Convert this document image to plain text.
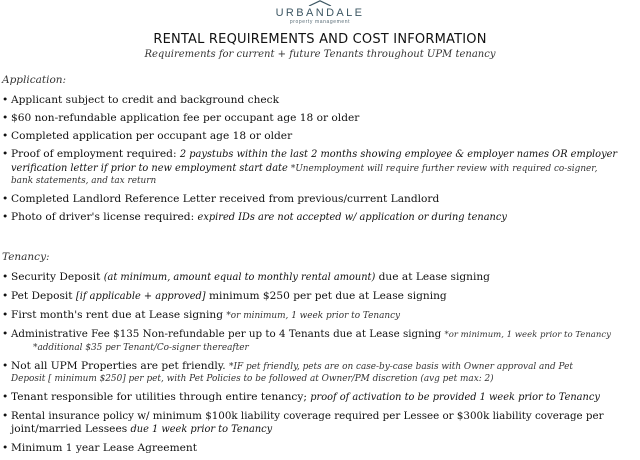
URBANDALE
property management
RENTAL REQUIREMENTS AND COST INFORMATION
Requirements for current + future Tenants throughout UPM tenancy
Application:
• Applicant subject to credit and background check
• $60 non-refundable application fee per occupant age 18 or older
• Completed application per occupant age 18 or older
• Proof of employment required: 2 paystubs within the last 2 months showing employee & employer names OR employer
verification letter if prior to new employment start date *Unemployment will require further review with required co-signer,
bank statements, and tax return
• Completed Landlord Reference Letter received from previous/current Landlord
• Photo of driver's license required: expired IDs are not accepted w/ application or during tenancy
Tenancy:
• Security Deposit (at minimum, amount equal to monthly rental amount) due at Lease signing
• Pet Deposit [if applicable + approved] minimum $250 per pet due at Lease signing
• First month's rent due at Lease signing *or minimum, 1 week prior to Tenancy
• Administrative Fee $135 Non-refundable per up to 4 Tenants due at Lease signing *or minimum, 1 week prior to Tenancy
*additional $35 per Tenant/Co-signer thereafter
• Not all UPM Properties are pet friendly. *IF pet friendly, pets are on case-by-case basis with Owner approval and Pet
Deposit [ minimum $250] per pet, with Pet Policies to be followed at Owner/PM discretion (avg pet max: 2)
• Tenant responsible for utilities through entire tenancy; proof of activation to be provided 1 week prior to Tenancy
• Rental insurance policy w/ minimum $100k liability coverage required per Lessee or $300k liability coverage per
joint/married Lessees due 1 week prior to Tenancy
• Minimum 1 year Lease Agreement
